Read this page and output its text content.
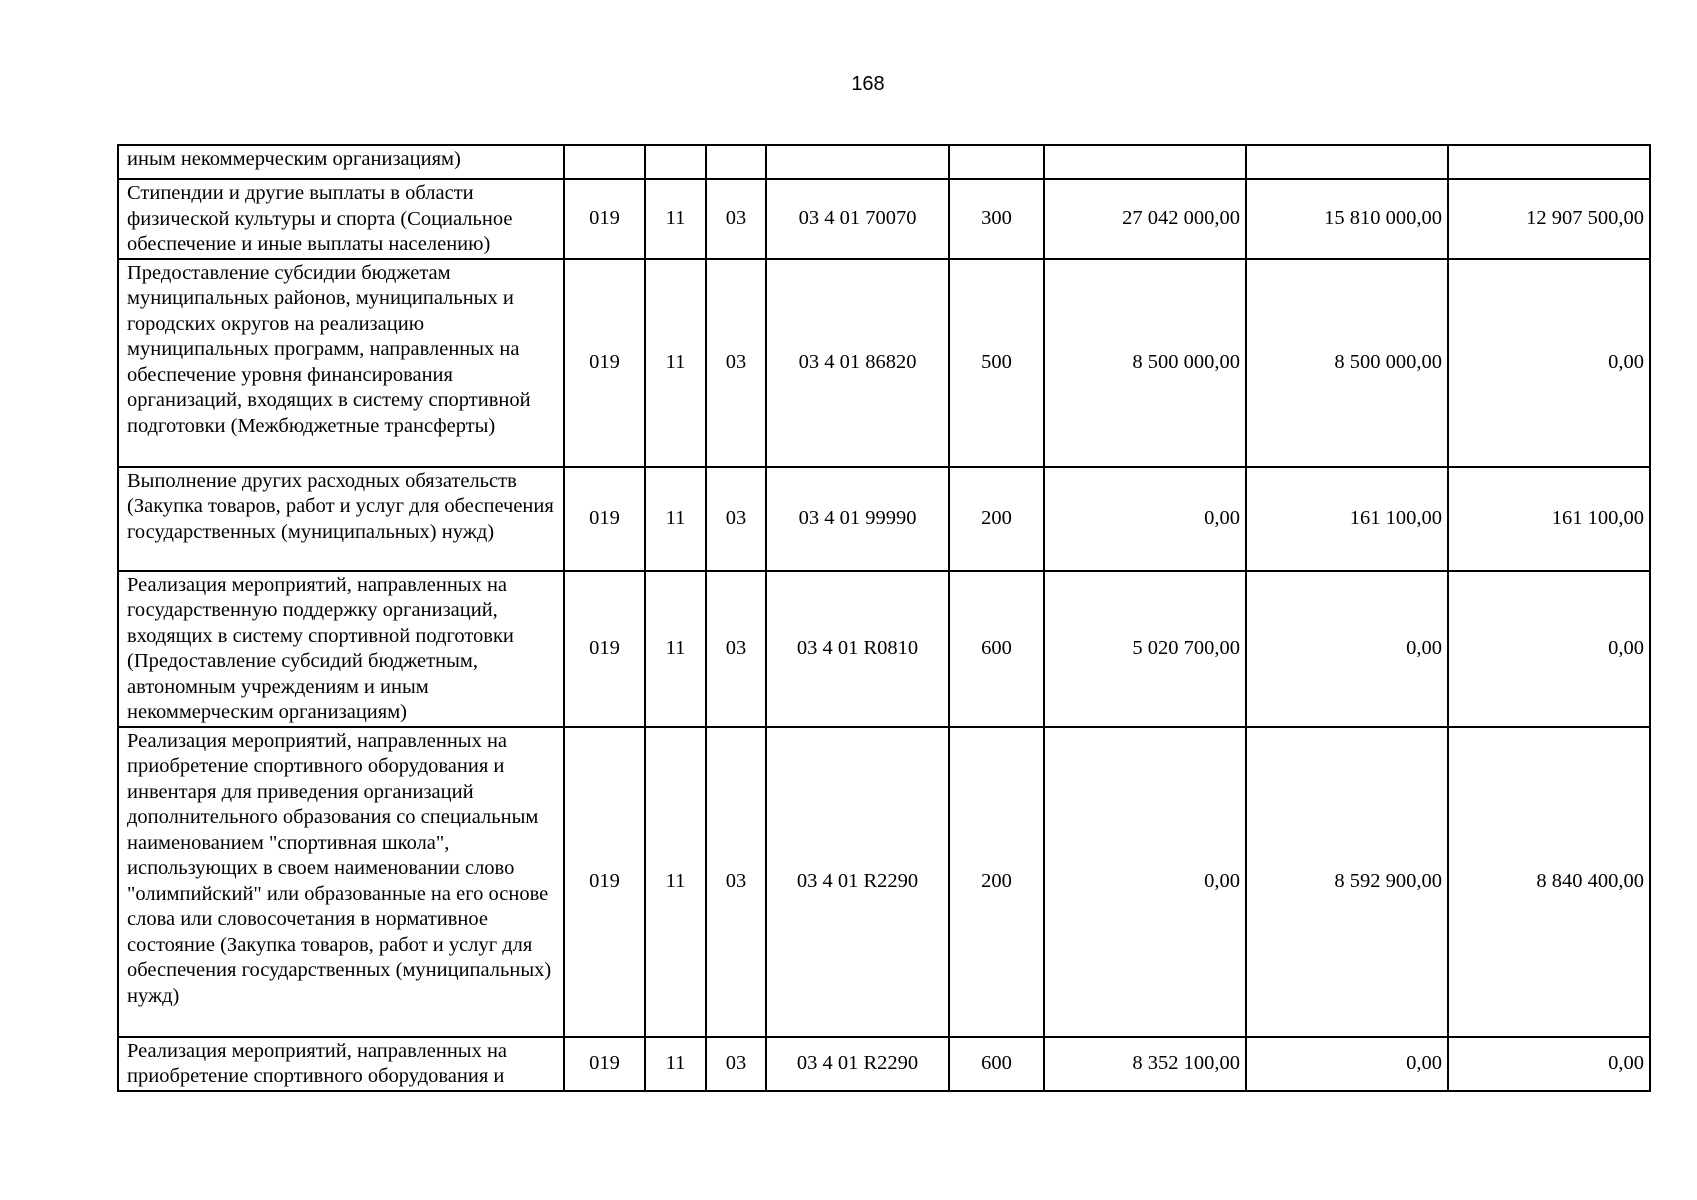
168
иным некоммерческим организациям)								
Стипендии и другие выплаты в области физической культуры и спорта (Социальное обеспечение и иные выплаты населению)	019	11	03	03 4 01 70070	300	27 042 000,00	15 810 000,00	12 907 500,00
Предоставление субсидии бюджетам муниципальных районов, муниципальных и городских округов на реализацию муниципальных программ, направленных на обеспечение уровня финансирования организаций, входящих в систему спортивной подготовки (Межбюджетные трансферты)	019	11	03	03 4 01 86820	500	8 500 000,00	8 500 000,00	0,00
Выполнение других расходных обязательств (Закупка товаров, работ и услуг для обеспечения государственных (муниципальных) нужд)	019	11	03	03 4 01 99990	200	0,00	161 100,00	161 100,00
Реализация мероприятий, направленных на государственную поддержку организаций, входящих в систему спортивной подготовки (Предоставление субсидий бюджетным, автономным учреждениям и иным некоммерческим организациям)	019	11	03	03 4 01 R0810	600	5 020 700,00	0,00	0,00
Реализация мероприятий, направленных на приобретение спортивного оборудования и инвентаря для приведения организаций дополнительного образования со специальным наименованием "спортивная школа", использующих в своем наименовании слово "олимпийский" или образованные на его основе слова или словосочетания в нормативное состояние (Закупка товаров, работ и услуг для обеспечения государственных (муниципальных) нужд)	019	11	03	03 4 01 R2290	200	0,00	8 592 900,00	8 840 400,00
Реализация мероприятий, направленных на приобретение спортивного оборудования и	019	11	03	03 4 01 R2290	600	8 352 100,00	0,00	0,00
